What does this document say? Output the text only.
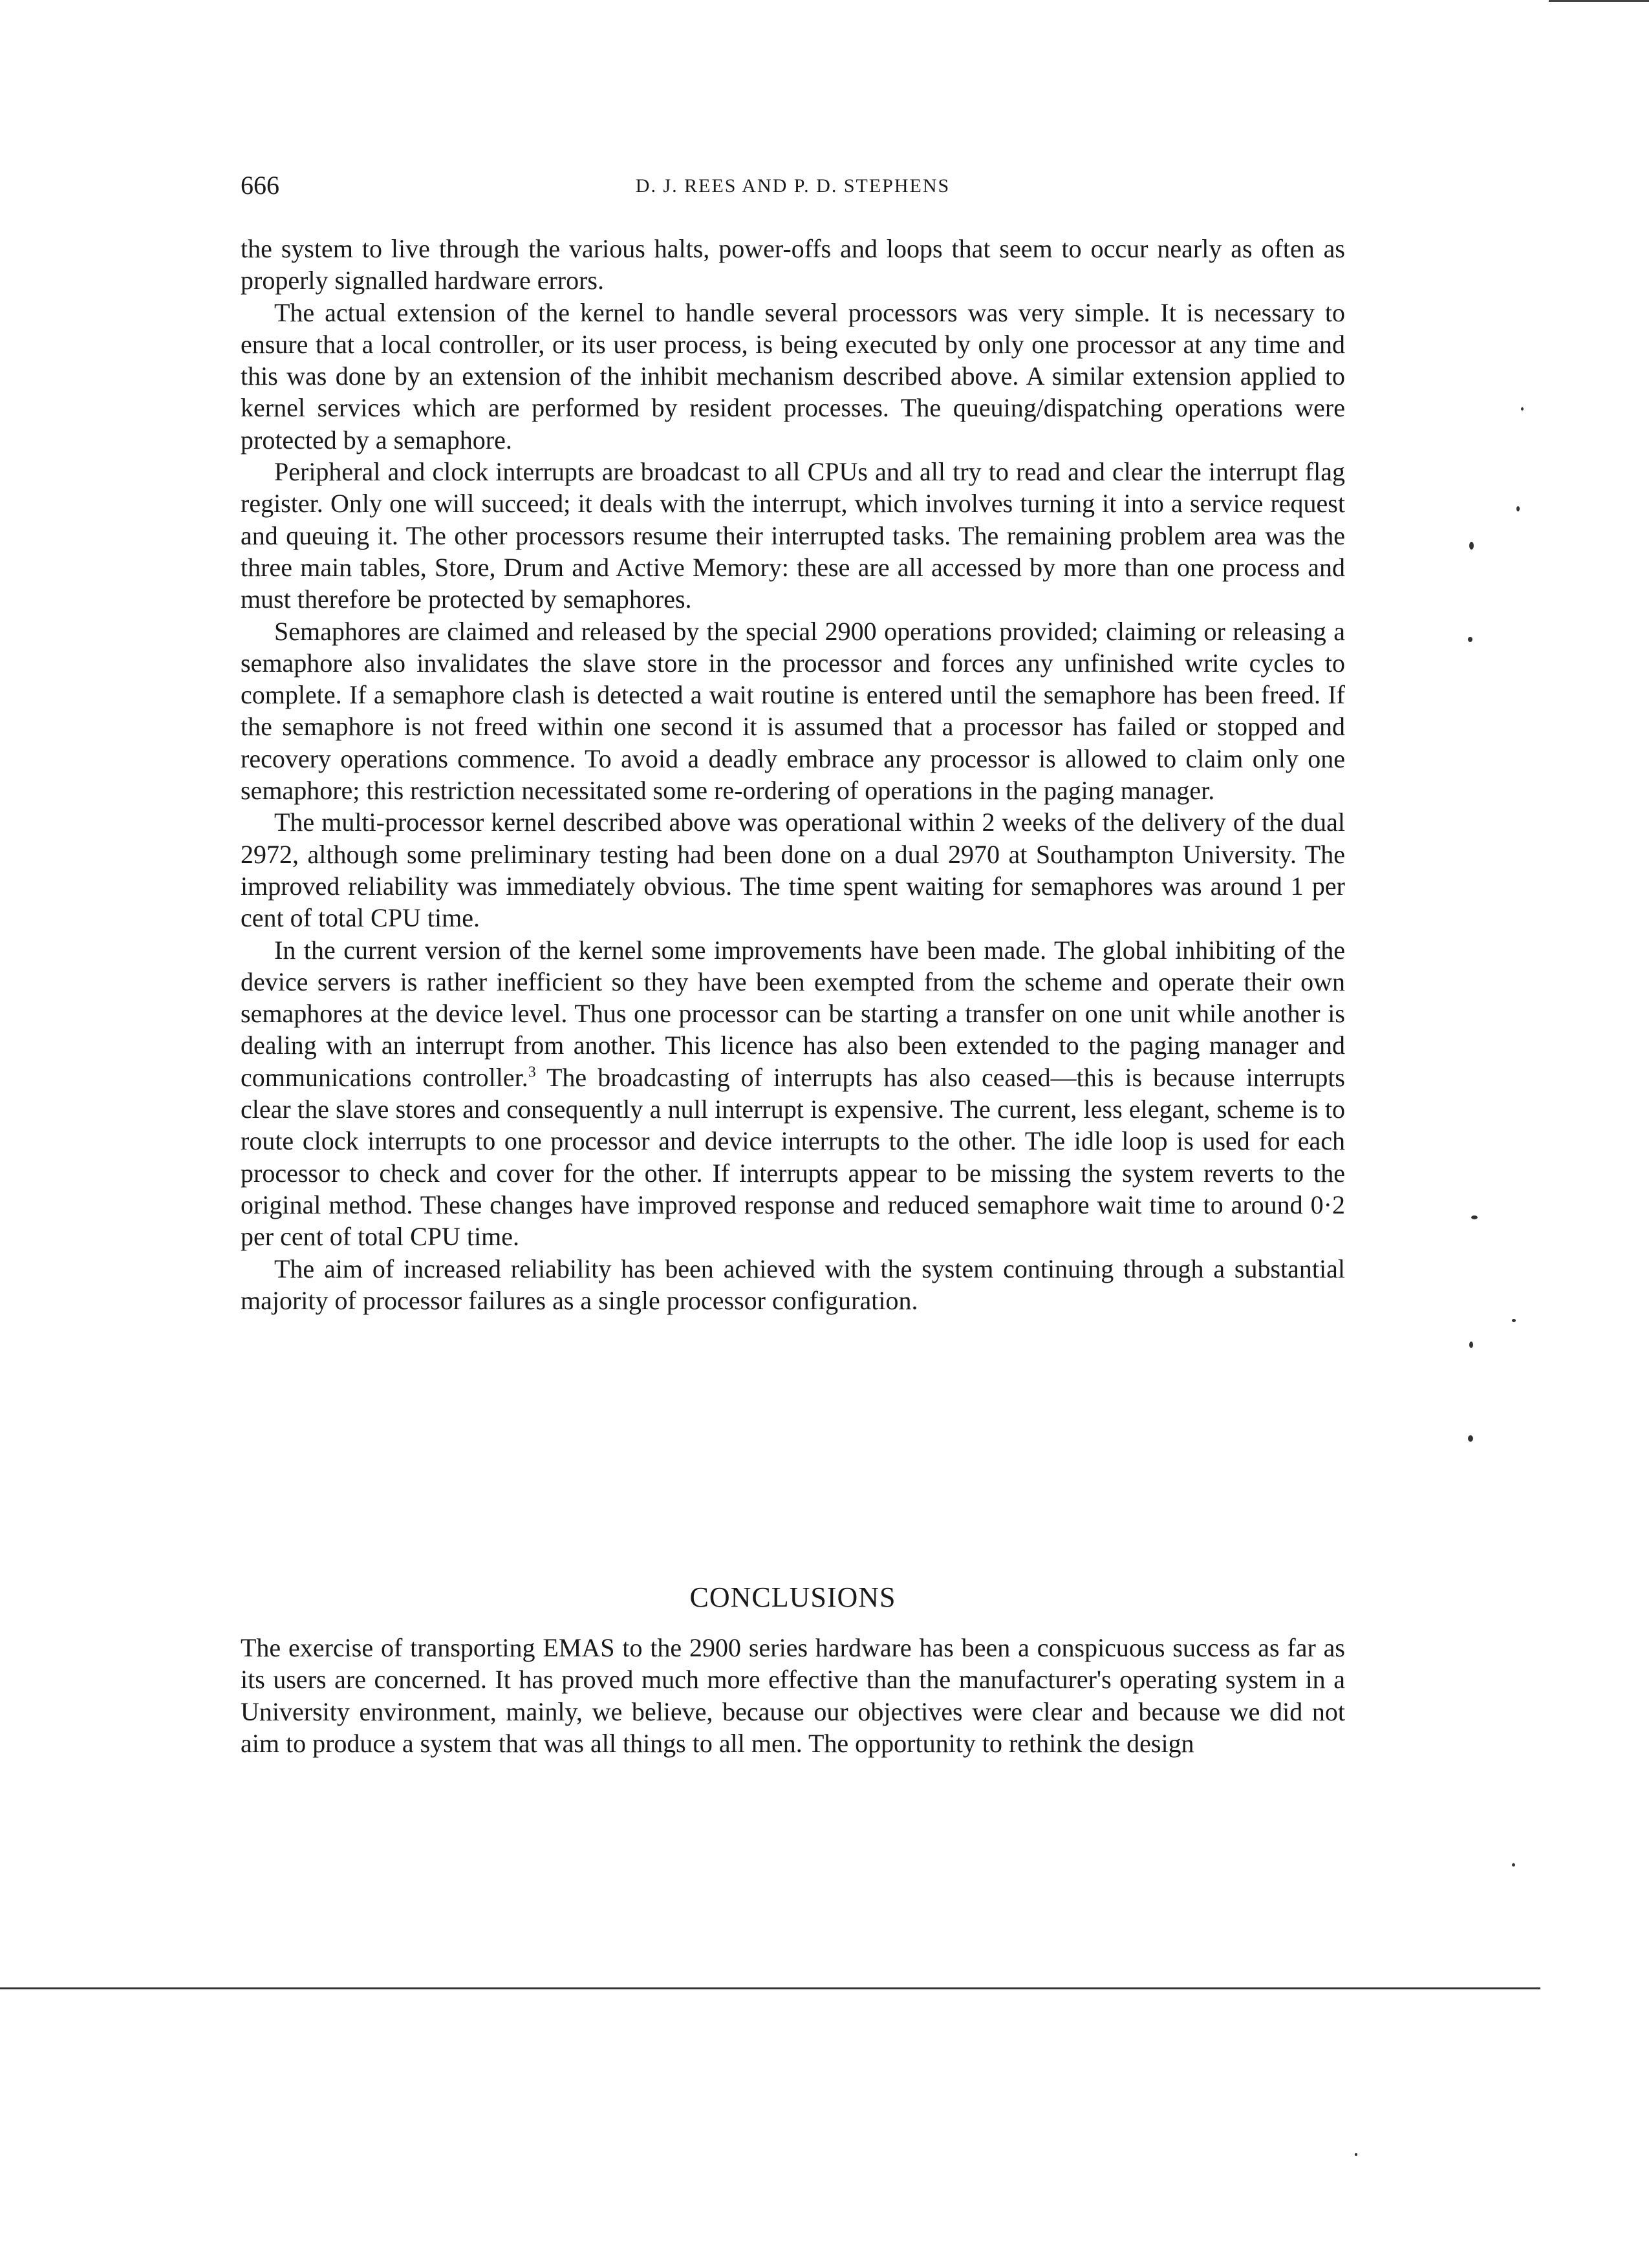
666	D. J. REES AND P. D. STEPHENS

the system to live through the various halts, power-offs and loops that seem to occur nearly as often as properly signalled hardware errors.

The actual extension of the kernel to handle several processors was very simple. It is necessary to ensure that a local controller, or its user process, is being executed by only one processor at any time and this was done by an extension of the inhibit mechanism described above. A similar extension applied to kernel services which are performed by resident processes. The queuing/dispatching operations were protected by a semaphore.

Peripheral and clock interrupts are broadcast to all CPUs and all try to read and clear the interrupt flag register. Only one will succeed; it deals with the interrupt, which involves turning it into a service request and queuing it. The other processors resume their interrupted tasks. The remaining problem area was the three main tables, Store, Drum and Active Memory: these are all accessed by more than one process and must therefore be protected by semaphores.

Semaphores are claimed and released by the special 2900 operations provided; claiming or releasing a semaphore also invalidates the slave store in the processor and forces any unfinished write cycles to complete. If a semaphore clash is detected a wait routine is entered until the semaphore has been freed. If the semaphore is not freed within one second it is assumed that a processor has failed or stopped and recovery operations commence. To avoid a deadly embrace any processor is allowed to claim only one semaphore; this restriction necessitated some re-ordering of operations in the paging manager.

The multi-processor kernel described above was operational within 2 weeks of the delivery of the dual 2972, although some preliminary testing had been done on a dual 2970 at Southampton University. The improved reliability was immediately obvious. The time spent waiting for semaphores was around 1 per cent of total CPU time.

In the current version of the kernel some improvements have been made. The global inhibiting of the device servers is rather inefficient so they have been exempted from the scheme and operate their own semaphores at the device level. Thus one processor can be starting a transfer on one unit while another is dealing with an interrupt from another. This licence has also been extended to the paging manager and communications controller.$^3$ The broadcasting of interrupts has also ceased—this is because interrupts clear the slave stores and consequently a null interrupt is expensive. The current, less elegant, scheme is to route clock interrupts to one processor and device interrupts to the other. The idle loop is used for each processor to check and cover for the other. If interrupts appear to be missing the system reverts to the original method. These changes have improved response and reduced semaphore wait time to around 0·2 per cent of total CPU time.

The aim of increased reliability has been achieved with the system continuing through a substantial majority of processor failures as a single processor configuration.

CONCLUSIONS

The exercise of transporting EMAS to the 2900 series hardware has been a conspicuous success as far as its users are concerned. It has proved much more effective than the manufacturer's operating system in a University environment, mainly, we believe, because our objectives were clear and because we did not aim to produce a system that was all things to all men. The opportunity to rethink the design
